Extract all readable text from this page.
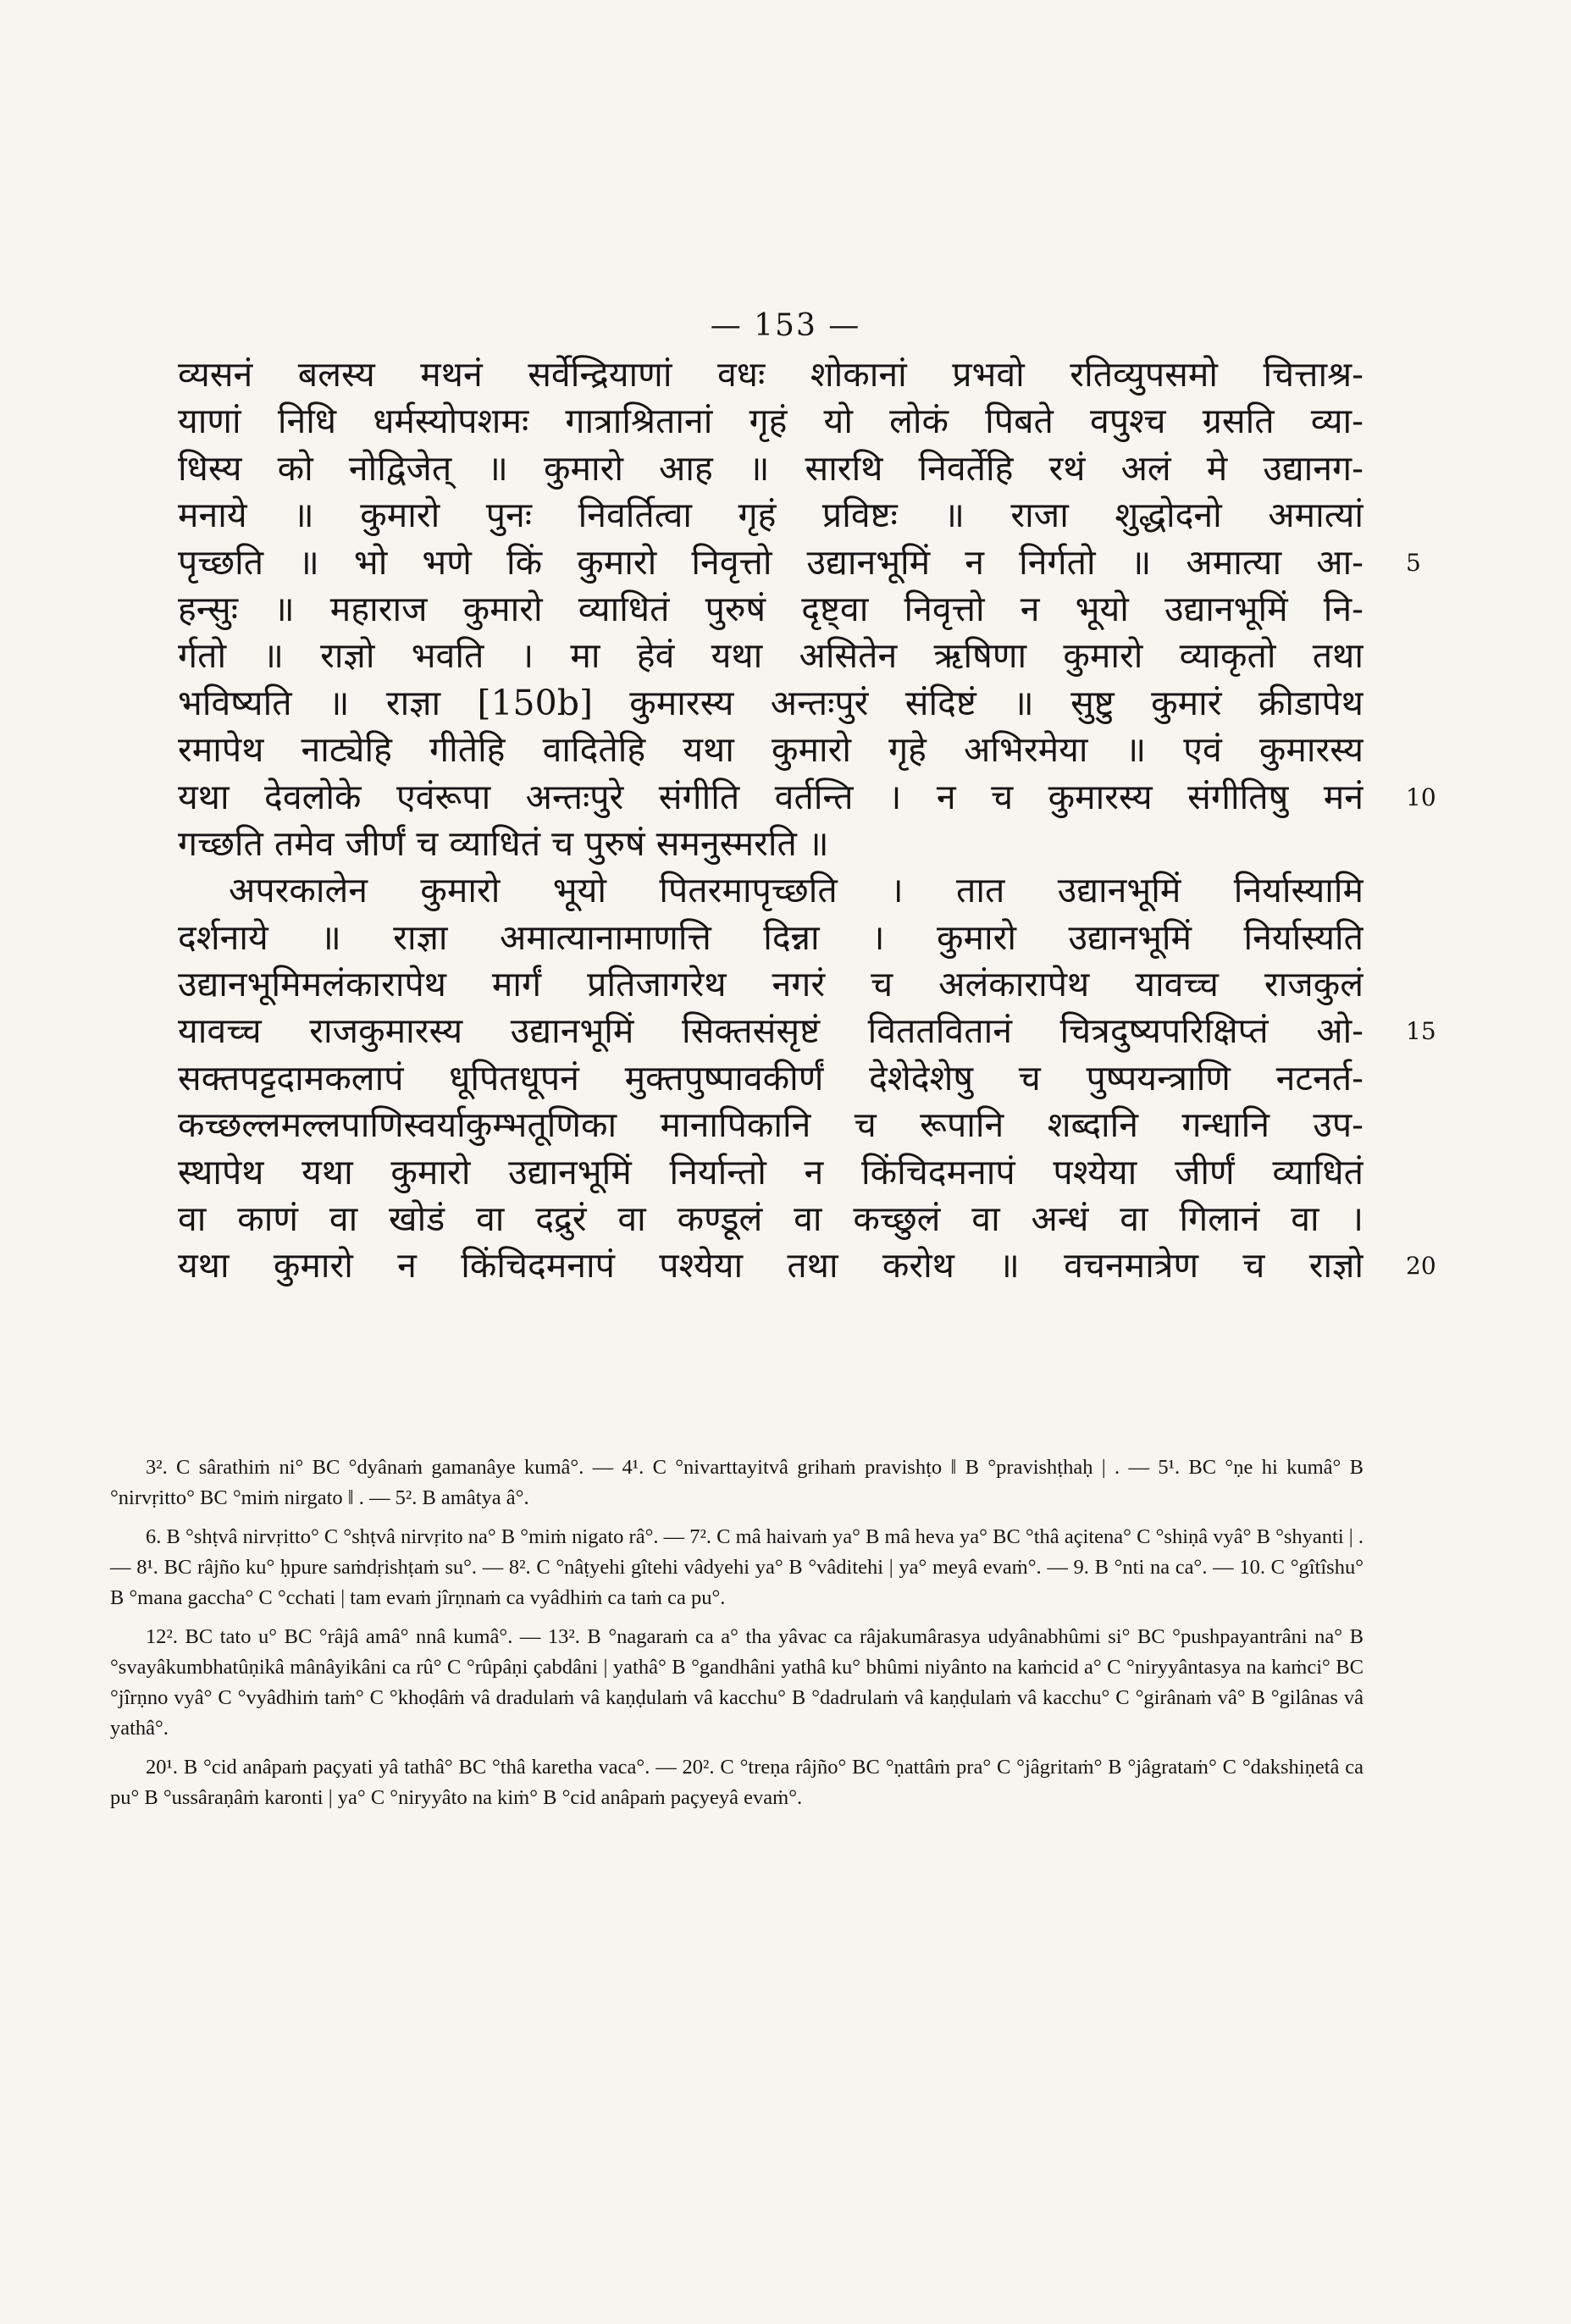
— 153 —
व्यसनं बलस्य मथनं सर्वेन्द्रियाणां वधः शोकानां प्रभवो रतिव्युपसमो चित्ताश्र-
याणां निधि धर्मस्योपशमः गात्राश्रितानां गृहं यो लोकं पिबते वपुश्च ग्रसति व्या-
धिस्य को नोद्विजेत् ॥ कुमारो आह ॥ सारथि निवर्तेहि रथं अलं मे उद्यानग-
मनाये ॥ कुमारो पुनः निवर्तित्वा गृहं प्रविष्टः ॥ राजा शुद्धोदनो अमात्यां
पृच्छति ॥ भो भणे किं कुमारो निवृत्तो उद्यानभूमिं न निर्गतो ॥ अमात्या आ- 5
हन्सुः ॥ महाराज कुमारो व्याधितं पुरुषं दृष्ट्वा निवृत्तो न भूयो उद्यानभूमिं नि-
र्गतो ॥ राज्ञो भवति । मा हेवं यथा असितेन ऋषिणा कुमारो व्याकृतो तथा
भविष्यति ॥ राज्ञा [150b] कुमारस्य अन्तःपुरं संदिष्टं ॥ सुष्टु कुमारं क्रीडापेथ
रमापेथ नाट्येहि गीतेहि वादितेहि यथा कुमारो गृहे अभिरमेया ॥ एवं कुमारस्य
यथा देवलोके एवंरूपा अन्तःपुरे संगीति वर्तन्ति । न च कुमारस्य संगीतिषु मनं 10
गच्छति तमेव जीर्णं च व्याधितं च पुरुषं समनुस्मरति ॥
अपरकालेन कुमारो भूयो पितरमापृच्छति । तात उद्यानभूमिं निर्यास्यामि
दर्शनाये ॥ राज्ञा अमात्यानामाणत्ति दिन्ना । कुमारो उद्यानभूमिं निर्यास्यति
उद्यानभूमिमलंकारापेथ मार्गं प्रतिजागरेथ नगरं च अलंकारापेथ यावच्च राजकुलं
यावच्च राजकुमारस्य उद्यानभूमिं सिक्तसंसृष्टं विततवितानं चित्रदुष्यपरिक्षिप्तं ओ- 15
सक्तपट्टदामकलापं धूपितधूपनं मुक्तपुष्पावकीर्णं देशेदेशेषु च पुष्पयन्त्राणि नटनर्त-
कच्छल्लमल्लपाणिस्वर्याकुम्भतूणिका मानापिकानि च रूपानि शब्दानि गन्धानि उप-
स्थापेथ यथा कुमारो उद्यानभूमिं निर्यान्तो न किंचिदमनापं पश्येया जीर्णं व्याधितं
वा काणं वा खोडं वा दद्रुरं वा कण्डूलं वा कच्छुलं वा अन्धं वा गिलानं वा ।
यथा कुमारो न किंचिदमनापं पश्येया तथा करोथ ॥ वचनमात्रेण च राज्ञो 20

3². C sârathiṁ ni° BC °dyânaṁ gamanâye kumâ°. — 4¹. C °nivarttayitvâ grihaṁ pravishṭo ‖ B °pravishṭhaḥ | . — 5¹. BC °ṇe hi kumâ° B °nirvṛitto° BC °miṁ nirgato ‖ . — 5². B amâtya â°.

6. B °shṭvâ nirvṛitto° C °shṭvâ nirvṛito na° B °miṁ nigato râ°. — 7². C mâ haivaṁ ya° B mâ heva ya° BC °thâ açitena° C °shiṇâ vyâ° B °shyanti | . — 8¹. BC râjño ku° ḥpure saṁdṛishṭaṁ su°. — 8². C °nâṭyehi gîtehi vâdyehi ya° B °vâditehi | ya° meyâ evaṁ°. — 9. B °nti na ca°. — 10. C °gîtîshu° B °mana gaccha° C °cchati | tam evaṁ jîrṇnaṁ ca vyâdhiṁ ca taṁ ca pu°.

12². BC tato u° BC °râjâ amâ° nnâ kumâ°. — 13². B °nagaraṁ ca a° tha yâvac ca râjakumârasya udyânabhûmi si° BC °pushpayantrâni na° B °svayâkumbhatûṇikâ mânâyikâni ca rû° C °rûpâṇi çabdâni | yathâ° B °gandhâni yathâ ku° bhûmi niyânto na kaṁcid a° C °niryyântasya na kaṁci° BC °jîrṇno vyâ° C °vyâdhiṁ taṁ° C °khoḍâṁ vâ dradulaṁ vâ kaṇḍulaṁ vâ kacchu° B °dadrulaṁ vâ kaṇḍulaṁ vâ kacchu° C °girânaṁ vâ° B °gilânas vâ yathâ°.

20¹. B °cid anâpaṁ paçyati yâ tathâ° BC °thâ karetha vaca°. — 20². C °treṇa râjño° BC °ṇattâṁ pra° C °jâgritaṁ° B °jâgrataṁ° C °dakshiṇetâ ca pu° B °ussâraṇâṁ karonti | ya° C °niryyâto na kiṁ° B °cid anâpaṁ paçyeyâ evaṁ°.
